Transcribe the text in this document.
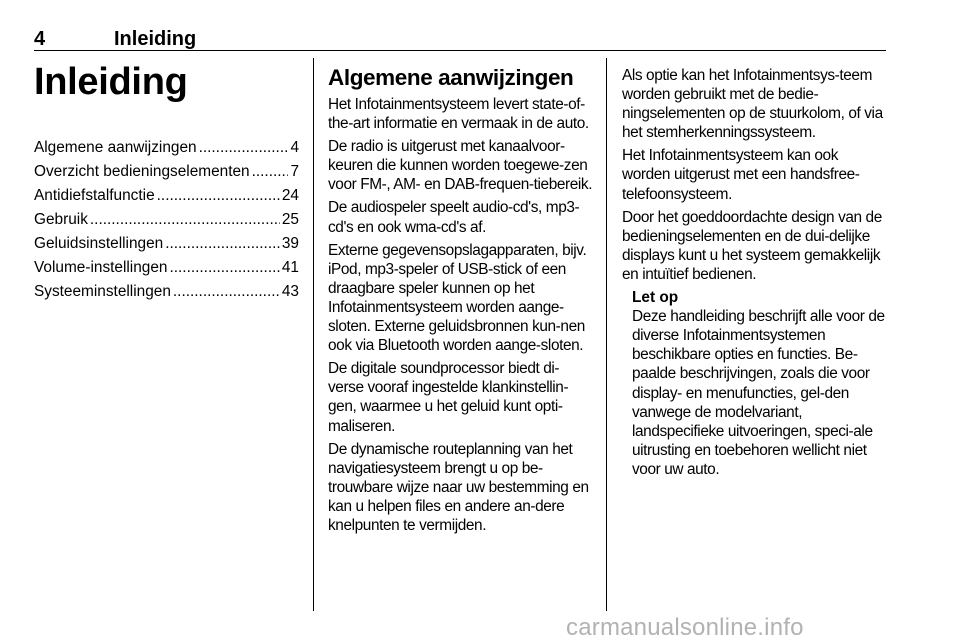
4	Inleiding
Inleiding
Algemene aanwijzingen .....	4
Overzicht bedieningselementen .....	7
Antidiefstalfunctie .....	24
Gebruik .....	25
Geluidsinstellingen .....	39
Volume-instellingen .....	41
Systeeminstellingen .....	43
Algemene aanwijzingen

Het Infotainmentsysteem levert state-of-the-art informatie en vermaak in de auto.

De radio is uitgerust met kanaalvoor-keuren die kunnen worden toegewe-zen voor FM-, AM- en DAB-frequen-tiebereik.

De audiospeler speelt audio-cd's, mp3-cd's en ook wma-cd's af.

Externe gegevensopslagapparaten, bijv. iPod, mp3-speler of USB-stick of een draagbare speler kunnen op het Infotainmentsysteem worden aange-sloten. Externe geluidsbronnen kun-nen ook via Bluetooth worden aange-sloten.

De digitale soundprocessor biedt di-verse vooraf ingestelde klankinstellin-gen, waarmee u het geluid kunt opti-maliseren.

De dynamische routeplanning van het navigatiesysteem brengt u op be-trouwbare wijze naar uw bestemming en kan u helpen files en andere an-dere knelpunten te vermijden.

Als optie kan het Infotainmentsys-teem worden gebruikt met de bedie-ningselementen op de stuurkolom, of via het stemherkenningssysteem.

Het Infotainmentsysteem kan ook worden uitgerust met een handsfree-telefoonsysteem.

Door het goeddoordachte design van de bedieningselementen en de dui-delijke displays kunt u het systeem gemakkelijk en intuïtief bedienen.

Let op

Deze handleiding beschrijft alle voor de diverse Infotainmentsystemen beschikbare opties en functies. Be-paalde beschrijvingen, zoals die voor display- en menufuncties, gel-den vanwege de modelvariant, landspecifieke uitvoeringen, speci-ale uitrusting en toebehoren wellicht niet voor uw auto.

carmanualsonline.info
